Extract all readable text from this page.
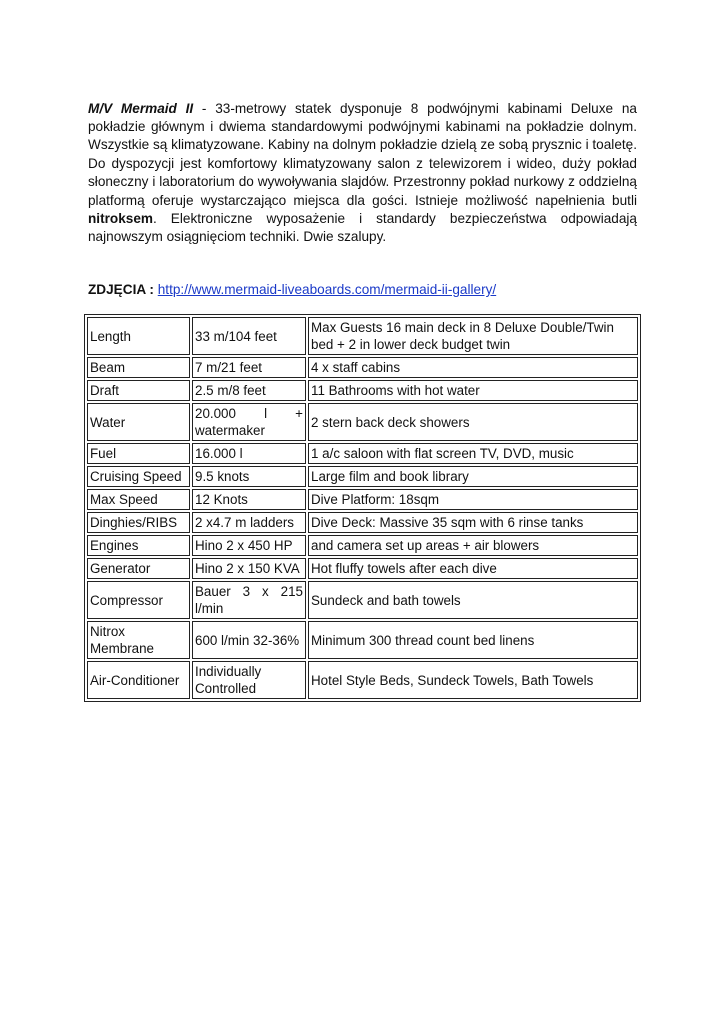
M/V Mermaid II - 33-metrowy statek dysponuje 8 podwójnymi kabinami Deluxe na pokładzie głównym i dwiema standardowymi podwójnymi kabinami na pokładzie dolnym. Wszystkie są klimatyzowane. Kabiny na dolnym pokładzie dzielą ze sobą prysznic i toaletę. Do dyspozycji jest komfortowy klimatyzowany salon z telewizorem i wideo, duży pokład słoneczny i laboratorium do wywoływania slajdów. Przestronny pokład nurkowy z oddzielną platformą oferuje wystarczająco miejsca dla gości. Istnieje możliwość napełnienia butli nitroksem. Elektroniczne wyposażenie i standardy bezpieczeństwa odpowiadają najnowszym osiągnięciom techniki. Dwie szalupy.

ZDJĘCIA : http://www.mermaid-liveaboards.com/mermaid-ii-gallery/
Length	33 m/104 feet	Max Guests 16 main deck in 8 Deluxe Double/Twin bed + 2 in lower deck budget twin
Beam	7 m/21 feet	4 x staff cabins
Draft	2.5 m/8 feet	11 Bathrooms with hot water
Water	20.000 l + watermaker	2 stern back deck showers
Fuel	16.000 l	1 a/c saloon with flat screen TV, DVD, music
Cruising Speed	9.5 knots	Large film and book library
Max Speed	12 Knots	Dive Platform: 18sqm
Dinghies/RIBS	2 x4.7 m ladders	Dive Deck: Massive 35 sqm with 6 rinse tanks
Engines	Hino 2 x 450 HP	and camera set up areas + air blowers
Generator	Hino 2 x 150 KVA	Hot fluffy towels after each dive
Compressor	Bauer 3 x 215 l/min	Sundeck and bath towels
Nitrox Membrane	600 l/min 32-36%	Minimum 300 thread count bed linens
Air-Conditioner	Individually Controlled	Hotel Style Beds, Sundeck Towels, Bath Towels
